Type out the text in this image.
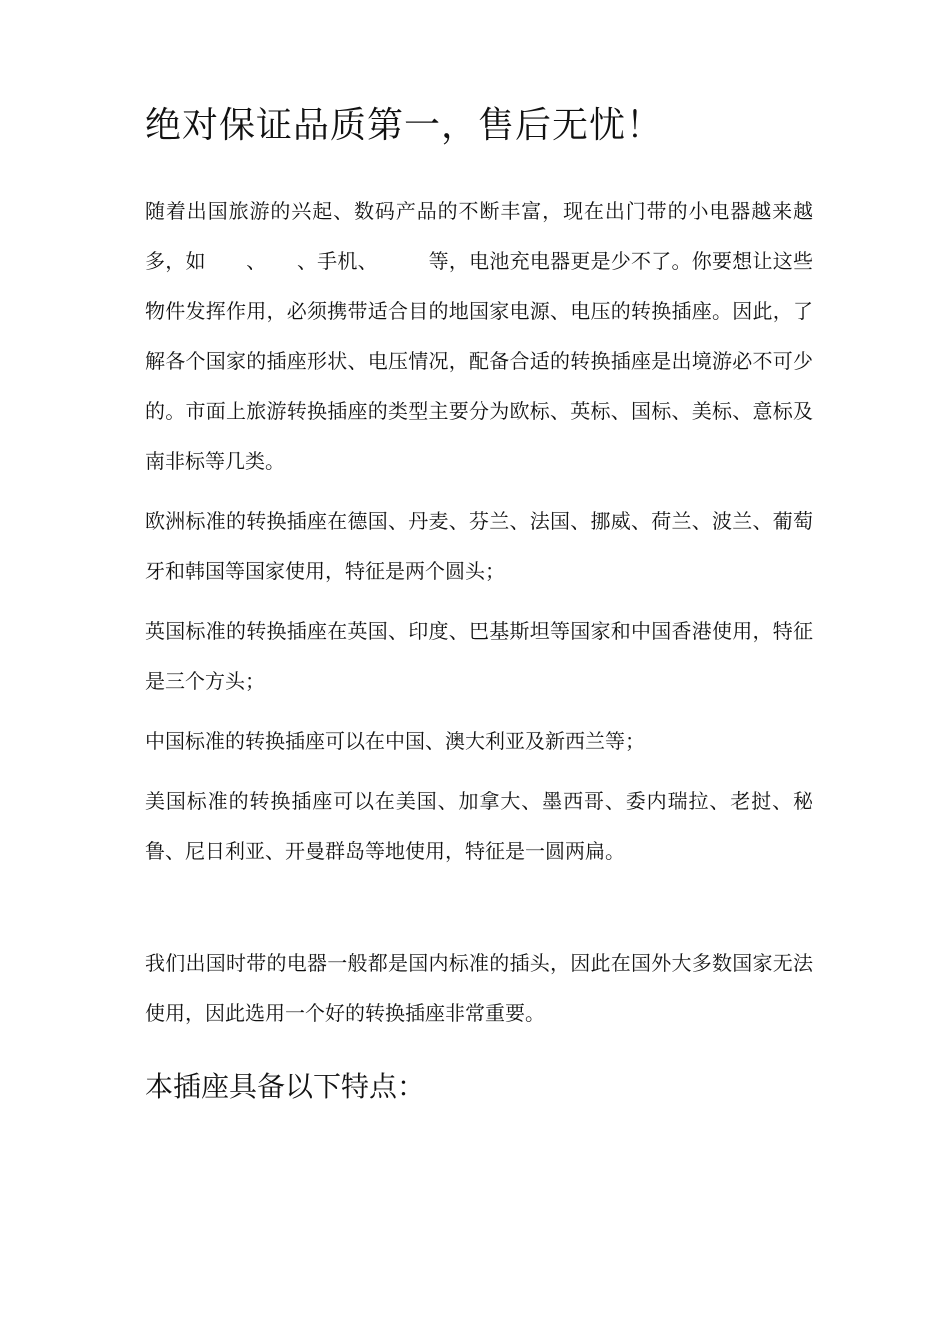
绝对保证品质第一，售后无忧！

随着出国旅游的兴起、数码产品的不断丰富，现在出门带的小电器越来越多，如　　、　　、手机、　　　等，电池充电器更是少不了。你要想让这些物件发挥作用，必须携带适合目的地国家电源、电压的转换插座。因此，了解各个国家的插座形状、电压情况，配备合适的转换插座是出境游必不可少的。市面上旅游转换插座的类型主要分为欧标、英标、国标、美标、意标及南非标等几类。

欧洲标准的转换插座在德国、丹麦、芬兰、法国、挪威、荷兰、波兰、葡萄牙和韩国等国家使用，特征是两个圆头；

英国标准的转换插座在英国、印度、巴基斯坦等国家和中国香港使用，特征是三个方头；

中国标准的转换插座可以在中国、澳大利亚及新西兰等；

美国标准的转换插座可以在美国、加拿大、墨西哥、委内瑞拉、老挝、秘鲁、尼日利亚、开曼群岛等地使用，特征是一圆两扁。

我们出国时带的电器一般都是国内标准的插头，因此在国外大多数国家无法使用，因此选用一个好的转换插座非常重要。

本插座具备以下特点：
